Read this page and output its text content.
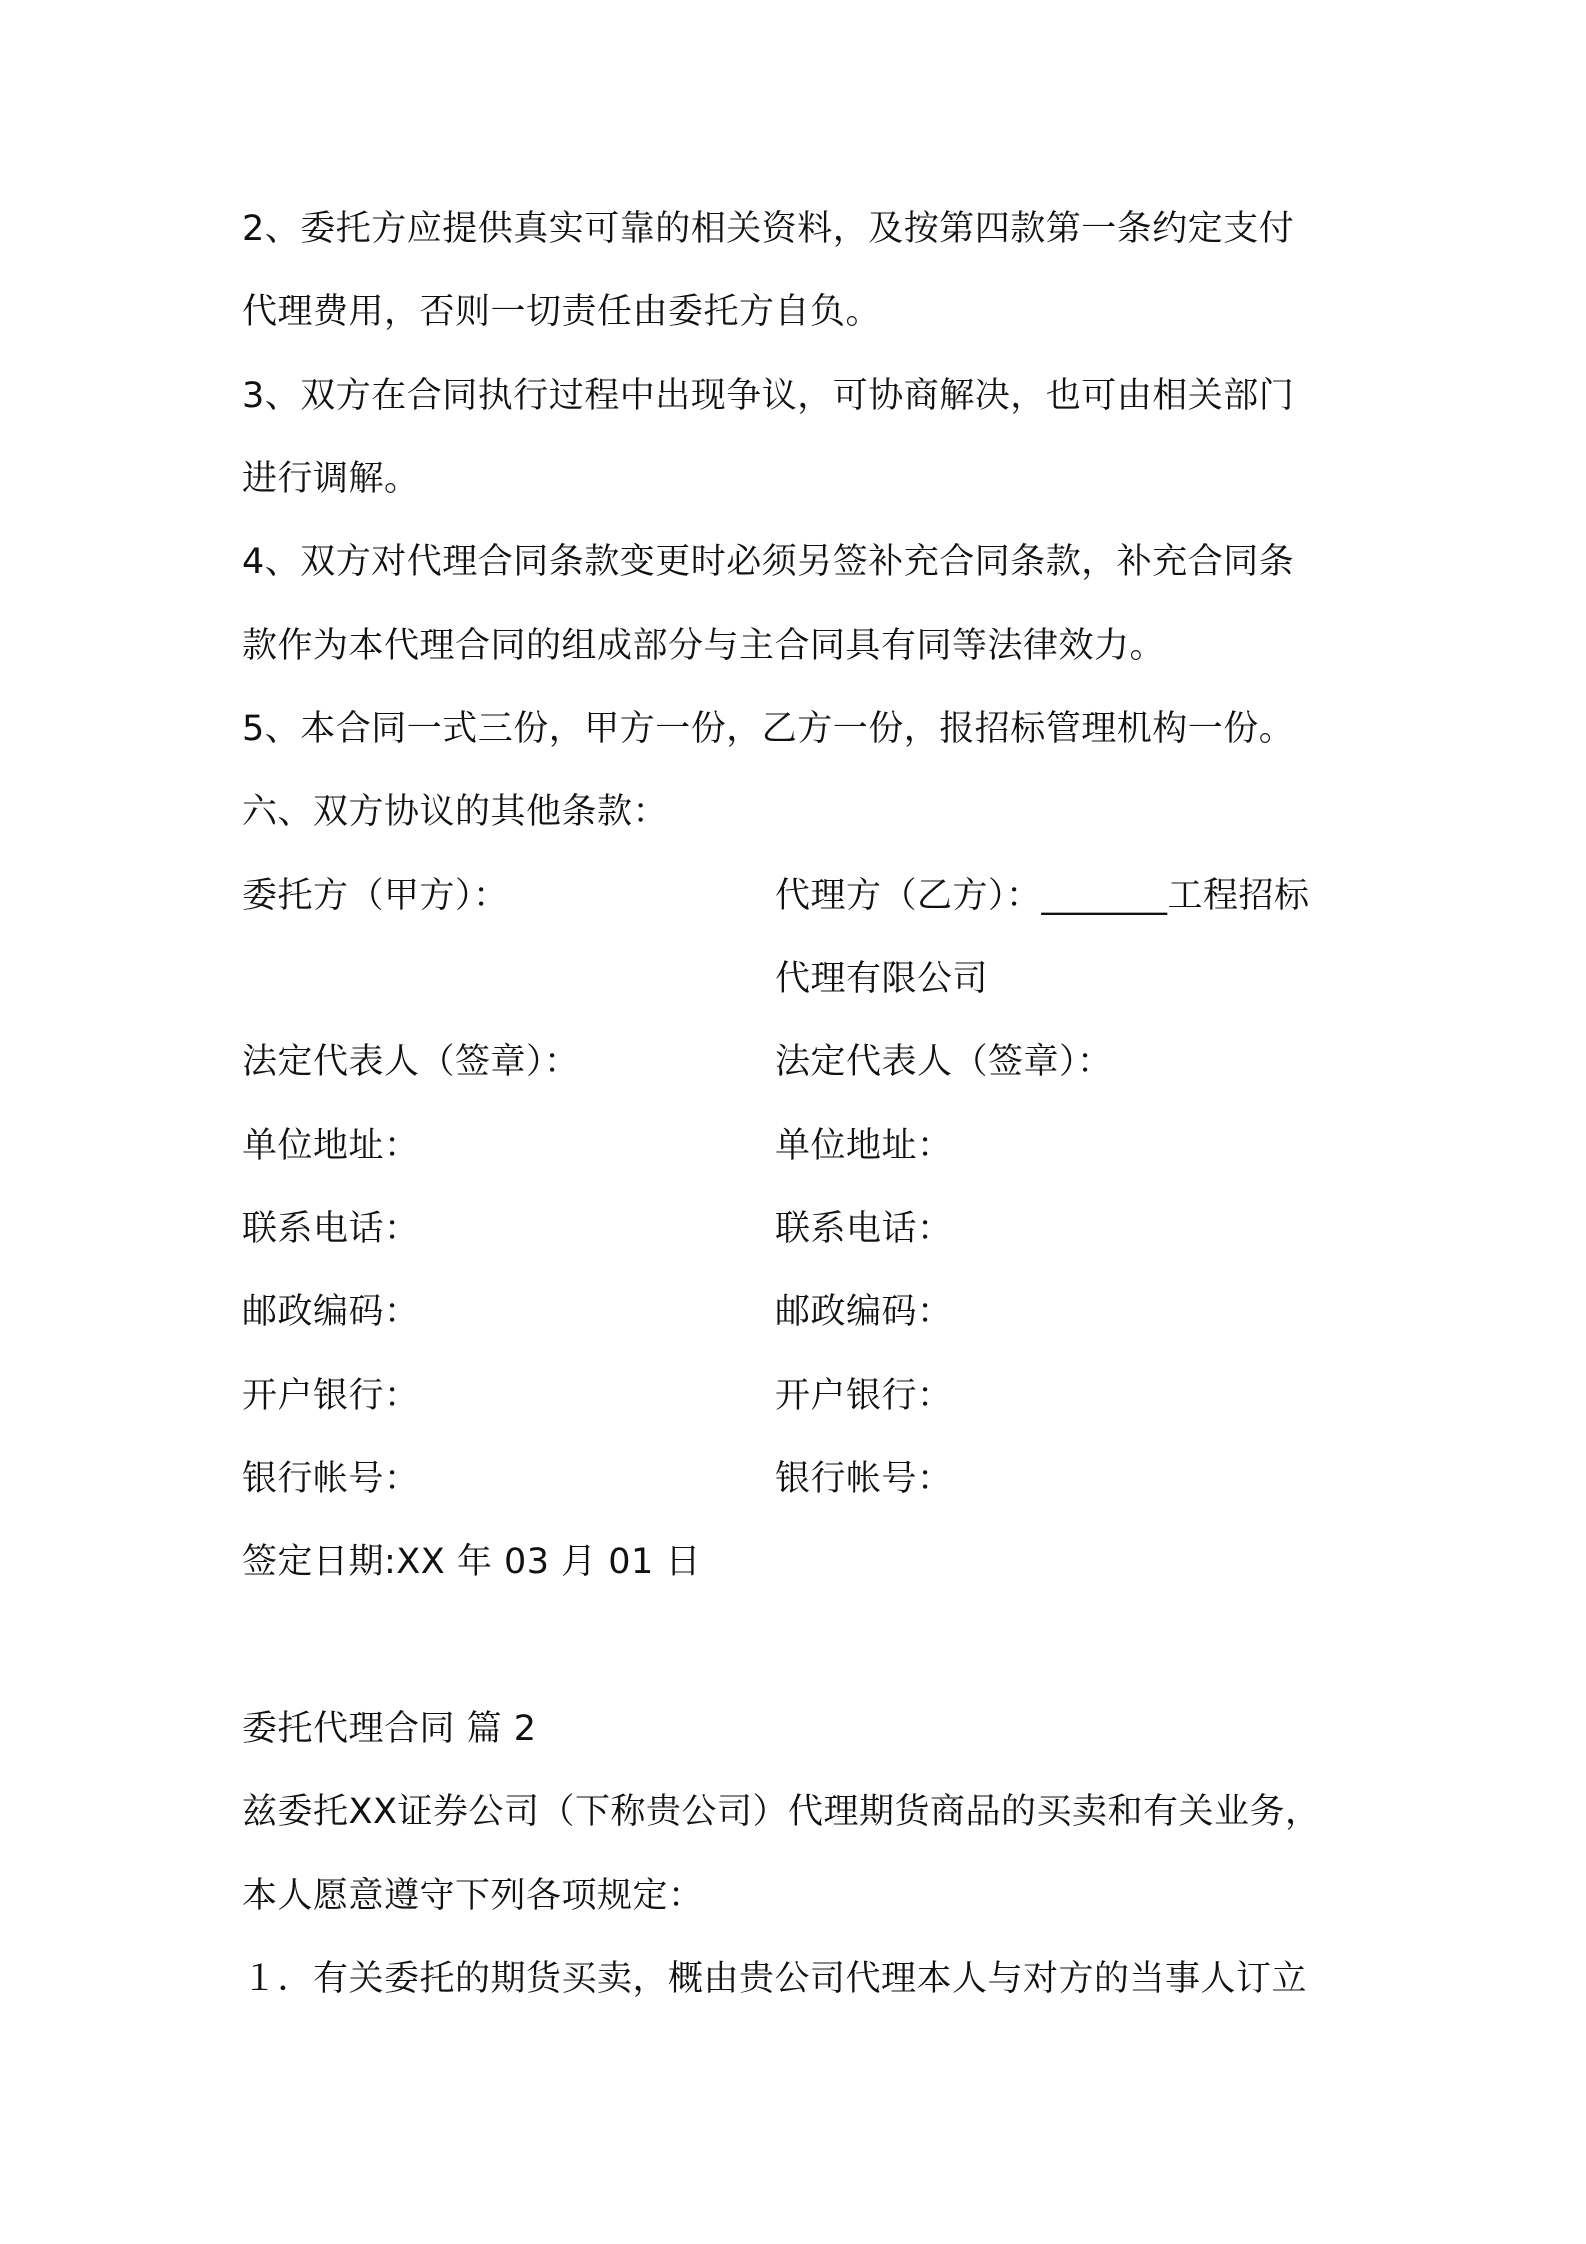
2、委托方应提供真实可靠的相关资料，及按第四款第一条约定支付
代理费用，否则一切责任由委托方自负。
3、双方在合同执行过程中出现争议，可协商解决，也可由相关部门
进行调解。
4、双方对代理合同条款变更时必须另签补充合同条款，补充合同条
款作为本代理合同的组成部分与主合同具有同等法律效力。
5、本合同一式三份，甲方一份，乙方一份，报招标管理机构一份。
六、双方协议的其他条款：
委托方（甲方）：	代理方（乙方）：_______工程招标
代理有限公司
法定代表人（签章）：	法定代表人（签章）：
单位地址：	单位地址：
联系电话：	联系电话：
邮政编码：	邮政编码：
开户银行：	开户银行：
银行帐号：	银行帐号：
签定日期:XX 年 03 月 01 日
委托代理合同 篇 2
兹委托XX证券公司（下称贵公司）代理期货商品的买卖和有关业务，
本人愿意遵守下列各项规定：
１．有关委托的期货买卖，概由贵公司代理本人与对方的当事人订立
